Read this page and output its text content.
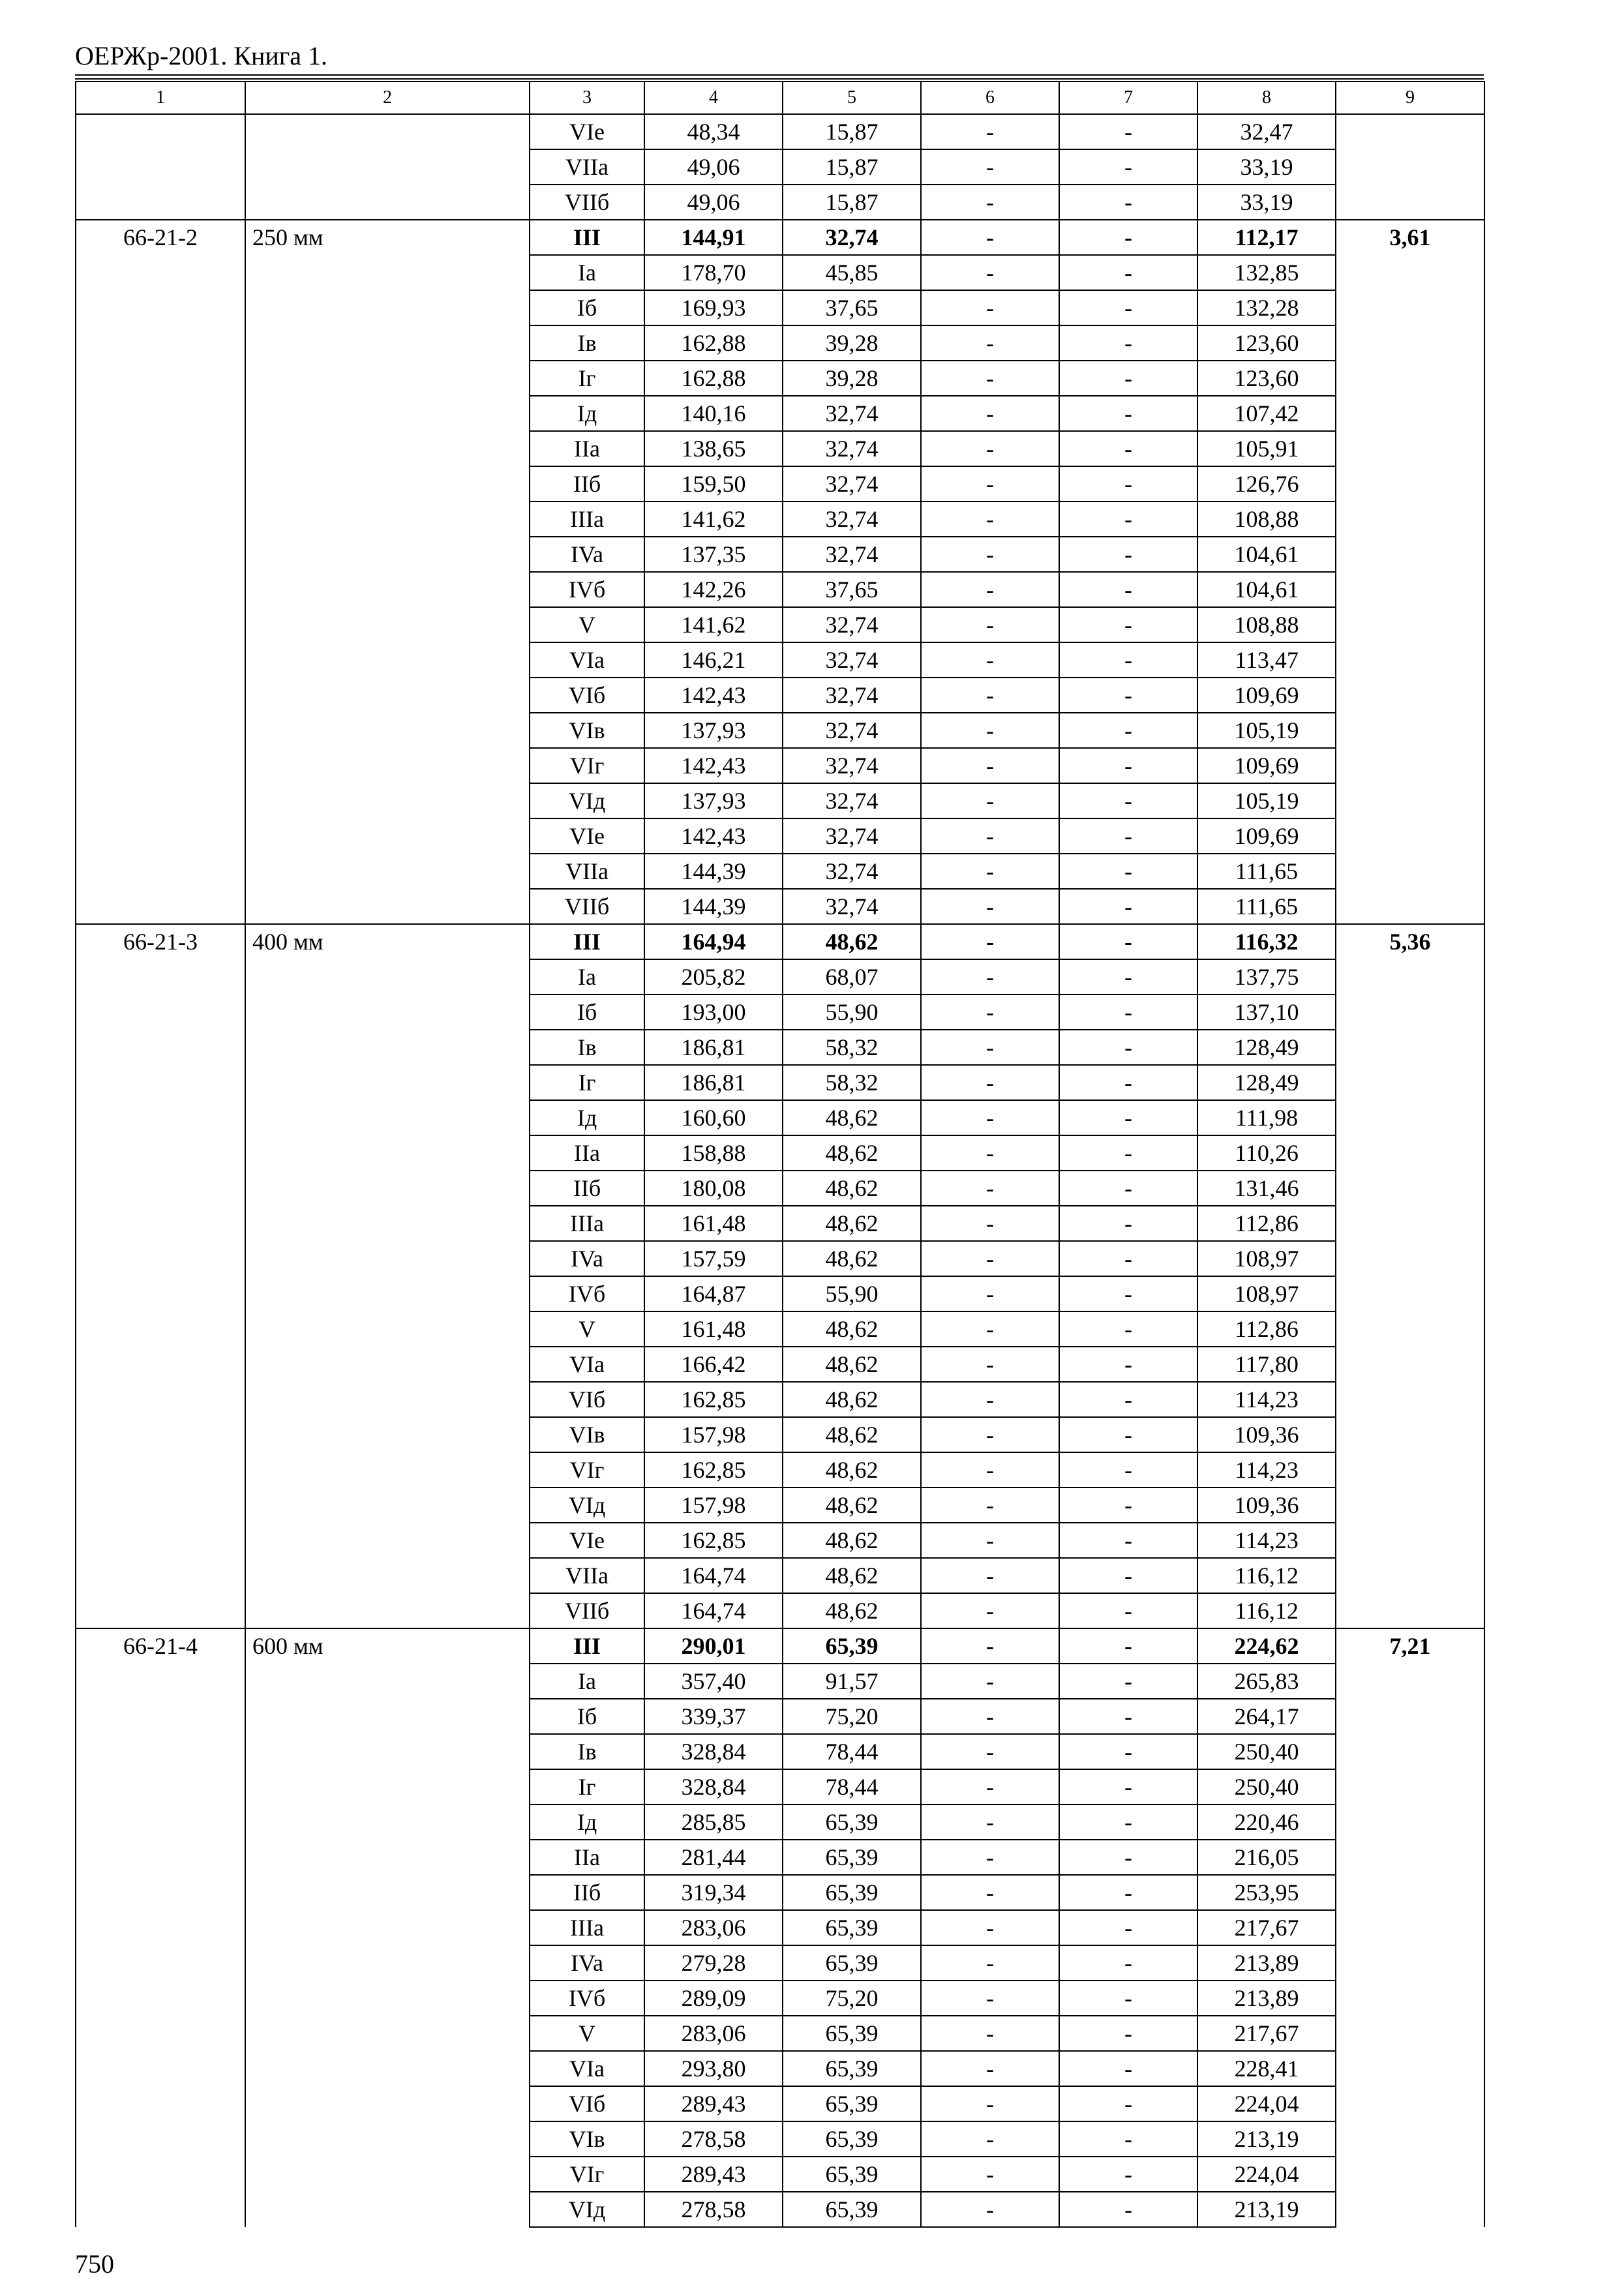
ОЕРЖр-2001. Книга 1.
1	2	3	4	5	6	7	8	9
		VIe	48,34	15,87	-	-	32,47	
		VIIa	49,06	15,87	-	-	33,19	
		VIIб	49,06	15,87	-	-	33,19	
66-21-2	250 мм	III	144,91	32,74	-	-	112,17	3,61
		Ia	178,70	45,85	-	-	132,85	
		Iб	169,93	37,65	-	-	132,28	
		Iв	162,88	39,28	-	-	123,60	
		Iг	162,88	39,28	-	-	123,60	
		Iд	140,16	32,74	-	-	107,42	
		IIa	138,65	32,74	-	-	105,91	
		IIб	159,50	32,74	-	-	126,76	
		IIIa	141,62	32,74	-	-	108,88	
		IVa	137,35	32,74	-	-	104,61	
		IVб	142,26	37,65	-	-	104,61	
		V	141,62	32,74	-	-	108,88	
		VIa	146,21	32,74	-	-	113,47	
		VIб	142,43	32,74	-	-	109,69	
		VIв	137,93	32,74	-	-	105,19	
		VIг	142,43	32,74	-	-	109,69	
		VIд	137,93	32,74	-	-	105,19	
		VIe	142,43	32,74	-	-	109,69	
		VIIa	144,39	32,74	-	-	111,65	
		VIIб	144,39	32,74	-	-	111,65	
66-21-3	400 мм	III	164,94	48,62	-	-	116,32	5,36
		Ia	205,82	68,07	-	-	137,75	
		Iб	193,00	55,90	-	-	137,10	
		Iв	186,81	58,32	-	-	128,49	
		Iг	186,81	58,32	-	-	128,49	
		Iд	160,60	48,62	-	-	111,98	
		IIa	158,88	48,62	-	-	110,26	
		IIб	180,08	48,62	-	-	131,46	
		IIIa	161,48	48,62	-	-	112,86	
		IVa	157,59	48,62	-	-	108,97	
		IVб	164,87	55,90	-	-	108,97	
		V	161,48	48,62	-	-	112,86	
		VIa	166,42	48,62	-	-	117,80	
		VIб	162,85	48,62	-	-	114,23	
		VIв	157,98	48,62	-	-	109,36	
		VIг	162,85	48,62	-	-	114,23	
		VIд	157,98	48,62	-	-	109,36	
		VIe	162,85	48,62	-	-	114,23	
		VIIa	164,74	48,62	-	-	116,12	
		VIIб	164,74	48,62	-	-	116,12	
66-21-4	600 мм	III	290,01	65,39	-	-	224,62	7,21
		Ia	357,40	91,57	-	-	265,83	
		Iб	339,37	75,20	-	-	264,17	
		Iв	328,84	78,44	-	-	250,40	
		Iг	328,84	78,44	-	-	250,40	
		Iд	285,85	65,39	-	-	220,46	
		IIa	281,44	65,39	-	-	216,05	
		IIб	319,34	65,39	-	-	253,95	
		IIIa	283,06	65,39	-	-	217,67	
		IVa	279,28	65,39	-	-	213,89	
		IVб	289,09	75,20	-	-	213,89	
		V	283,06	65,39	-	-	217,67	
		VIa	293,80	65,39	-	-	228,41	
		VIб	289,43	65,39	-	-	224,04	
		VIв	278,58	65,39	-	-	213,19	
		VIг	289,43	65,39	-	-	224,04	
		VIд	278,58	65,39	-	-	213,19	
750
